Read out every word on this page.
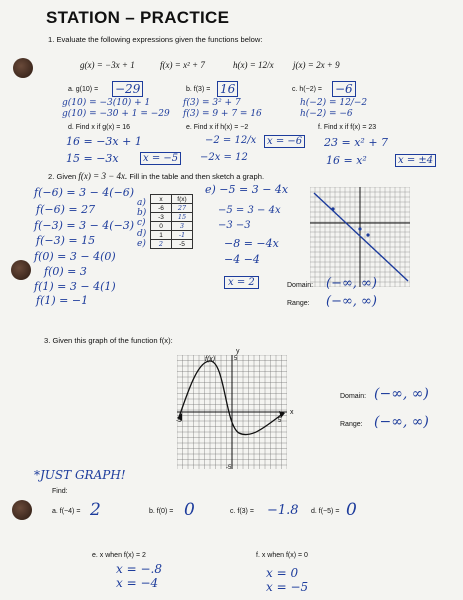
STATION – PRACTICE
1. Evaluate the following expressions given the functions below:
g(x) = −3x + 1	f(x) = x² + 7	h(x) = 12/x j(x) = 2x + 9
a. g(10) = −29
g(10) = −3(10) + 1
g(10) = −30 + 1 = −29
b. f(3) = 16
f(3) = 3² + 7
f(3) = 9 + 7 = 16
c. h(−2) = −6
h(−2) = 12/−2
h(−2) = −6
d. Find x if g(x) = 16
16 = −3x + 1
15 = −3x	x = −5
e. Find x if h(x) = −2
−2 = 12/x
−2x = 12
x = −6
f. Find x if f(x) = 23
23 = x² + 7
16 = x²	x = ±4
2. Given f(x) = 3 − 4x. Fill in the table and then sketch a graph.
f(−6) = 3 − 4(−6)
f(−6) = 27
f(−3) = 3 − 4(−3)
f(−3) = 15
f(0) = 3 − 4(0)
f(0) = 3
f(1) = 3 − 4(1)
f(1) = −1
a)
b)
c)
d)
e)
x	f(x)
-6	27
-3	15
0	3
1	-1
2	-5
e) −5 = 3 − 4x
−5 = 3 − 4x
−3 −3
−8 = −4x
−4 −4
x = 2	Domain: (−∞, ∞)
Range: (−∞, ∞)
3. Given this graph of the function f(x):
f(x)
y
x
-5	5
-5
5
Domain: (−∞, ∞)
Range: (−∞, ∞)
*JUST GRAPH!
Find:
a. f(−4) = 2	b. f(0) = 0	c. f(3) = −1.8 d. f(−5) = 0
e. x when f(x) = 2
x = −.8
x = −4
f. x when f(x) = 0
x = 0
x = −5
